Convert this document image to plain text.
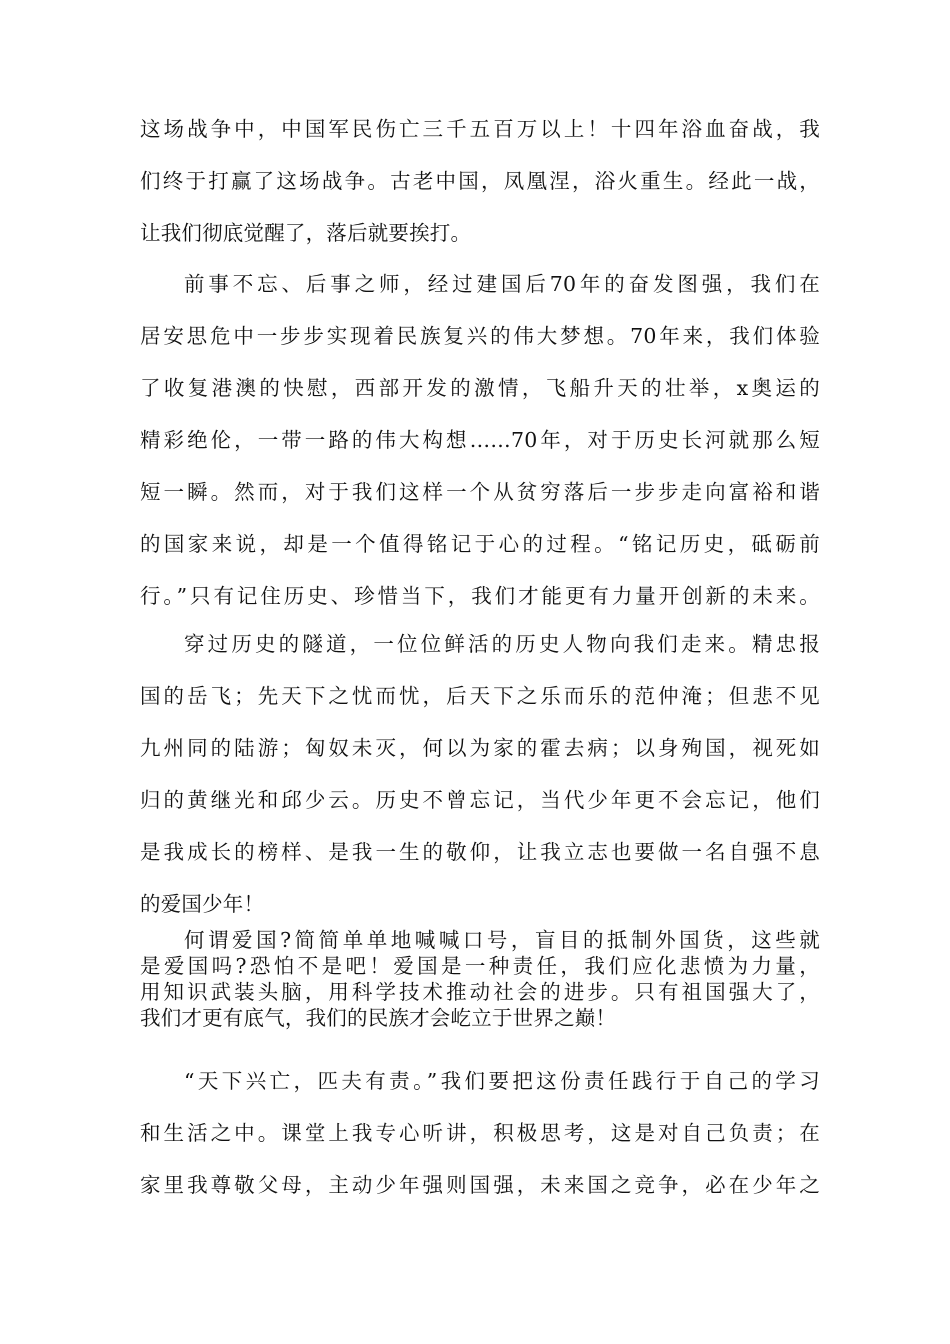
这场战争中，中国军民伤亡三千五百万以上！十四年浴血奋战，我
们终于打赢了这场战争。古老中国，凤凰涅，浴火重生。经此一战，
让我们彻底觉醒了，落后就要挨打。
前事不忘、后事之师，经过建国后70年的奋发图强，我们在
居安思危中一步步实现着民族复兴的伟大梦想。70年来，我们体验
了收复港澳的快慰，西部开发的激情，飞船升天的壮举，x奥运的
精彩绝伦，一带一路的伟大构想……70年，对于历史长河就那么短
短一瞬。然而，对于我们这样一个从贫穷落后一步步走向富裕和谐
的国家来说，却是一个值得铭记于心的过程。“铭记历史，砥砺前
行。”只有记住历史、珍惜当下，我们才能更有力量开创新的未来。
穿过历史的隧道，一位位鲜活的历史人物向我们走来。精忠报
国的岳飞；先天下之忧而忧，后天下之乐而乐的范仲淹；但悲不见
九州同的陆游；匈奴未灭，何以为家的霍去病；以身殉国，视死如
归的黄继光和邱少云。历史不曾忘记，当代少年更不会忘记，他们
是我成长的榜样、是我一生的敬仰，让我立志也要做一名自强不息
的爱国少年！
何谓爱国?简简单单地喊喊口号，盲目的抵制外国货，这些就
是爱国吗?恐怕不是吧！爱国是一种责任，我们应化悲愤为力量，
用知识武装头脑，用科学技术推动社会的进步。只有祖国强大了，
我们才更有底气，我们的民族才会屹立于世界之巅！
“天下兴亡，匹夫有责。”我们要把这份责任践行于自己的学习
和生活之中。课堂上我专心听讲，积极思考，这是对自己负责；在
家里我尊敬父母，主动少年强则国强，未来国之竞争，必在少年之
